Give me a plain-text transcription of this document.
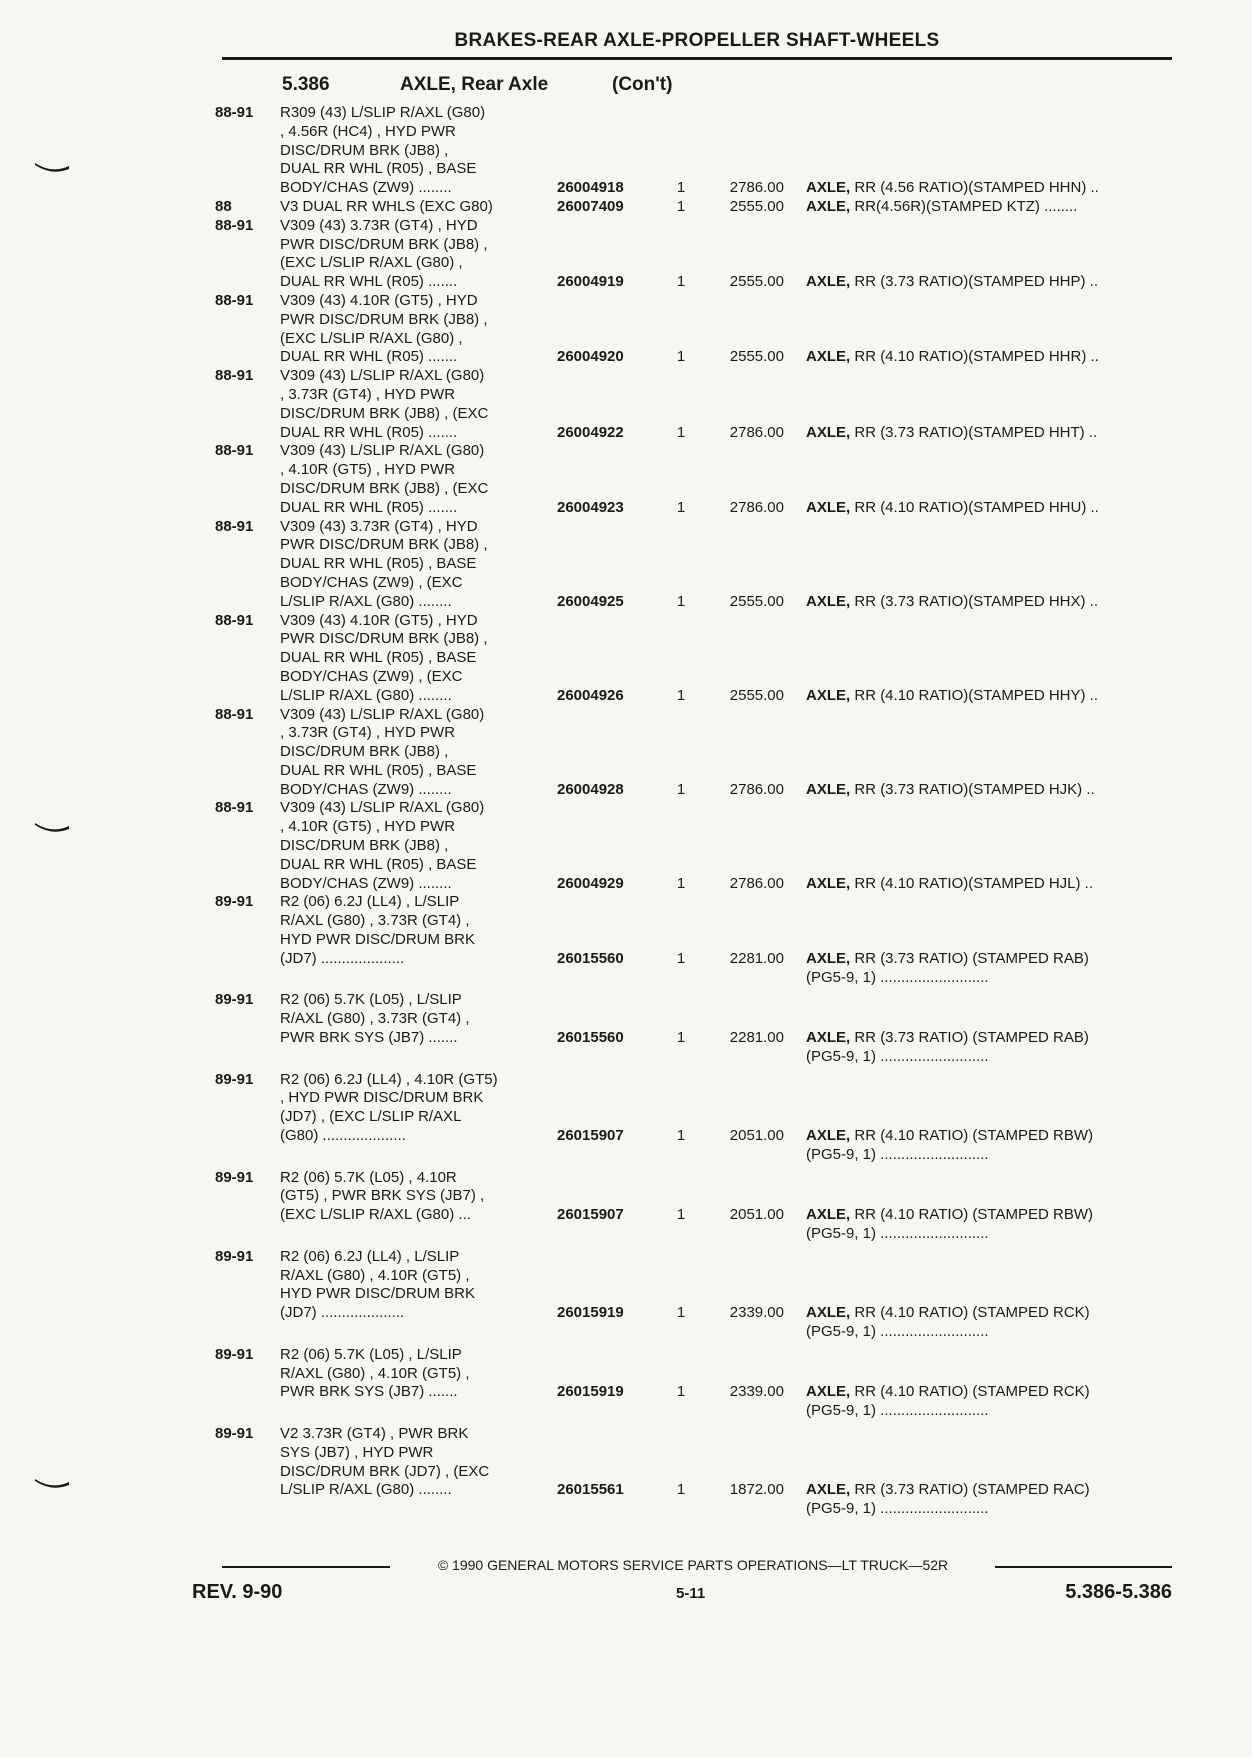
BRAKES-REAR AXLE-PROPELLER SHAFT-WHEELS
5.386	AXLE, Rear Axle	(Con't)
88-91	R309 (43) L/SLIP R/AXL (G80)
, 4.56R (HC4) , HYD PWR
DISC/DRUM BRK (JB8) ,
DUAL RR WHL (R05) , BASE
BODY/CHAS (ZW9) ........	26004918	1	2786.00 AXLE, RR (4.56 RATIO)(STAMPED HHN) ..
88	V3 DUAL RR WHLS (EXC G80)	26007409	1	2555.00 AXLE, RR(4.56R)(STAMPED KTZ) ........
88-91	V309 (43) 3.73R (GT4) , HYD
PWR DISC/DRUM BRK (JB8) ,
(EXC L/SLIP R/AXL (G80) ,
DUAL RR WHL (R05) .......	26004919	1	2555.00 AXLE, RR (3.73 RATIO)(STAMPED HHP) ..
88-91	V309 (43) 4.10R (GT5) , HYD
PWR DISC/DRUM BRK (JB8) ,
(EXC L/SLIP R/AXL (G80) ,
DUAL RR WHL (R05) .......	26004920	1	2555.00 AXLE, RR (4.10 RATIO)(STAMPED HHR) ..
88-91	V309 (43) L/SLIP R/AXL (G80)
, 3.73R (GT4) , HYD PWR
DISC/DRUM BRK (JB8) , (EXC
DUAL RR WHL (R05) .......	26004922	1	2786.00 AXLE, RR (3.73 RATIO)(STAMPED HHT) ..
88-91	V309 (43) L/SLIP R/AXL (G80)
, 4.10R (GT5) , HYD PWR
DISC/DRUM BRK (JB8) , (EXC
DUAL RR WHL (R05) .......	26004923	1	2786.00 AXLE, RR (4.10 RATIO)(STAMPED HHU) ..
88-91	V309 (43) 3.73R (GT4) , HYD
PWR DISC/DRUM BRK (JB8) ,
DUAL RR WHL (R05) , BASE
BODY/CHAS (ZW9) , (EXC
L/SLIP R/AXL (G80) ........	26004925	1	2555.00 AXLE, RR (3.73 RATIO)(STAMPED HHX) ..
88-91	V309 (43) 4.10R (GT5) , HYD
PWR DISC/DRUM BRK (JB8) ,
DUAL RR WHL (R05) , BASE
BODY/CHAS (ZW9) , (EXC
L/SLIP R/AXL (G80) ........	26004926	1	2555.00 AXLE, RR (4.10 RATIO)(STAMPED HHY) ..
88-91	V309 (43) L/SLIP R/AXL (G80)
, 3.73R (GT4) , HYD PWR
DISC/DRUM BRK (JB8) ,
DUAL RR WHL (R05) , BASE
BODY/CHAS (ZW9) ........	26004928	1	2786.00 AXLE, RR (3.73 RATIO)(STAMPED HJK) ..
88-91	V309 (43) L/SLIP R/AXL (G80)
, 4.10R (GT5) , HYD PWR
DISC/DRUM BRK (JB8) ,
DUAL RR WHL (R05) , BASE
BODY/CHAS (ZW9) ........	26004929	1	2786.00 AXLE, RR (4.10 RATIO)(STAMPED HJL) ..
89-91	R2 (06) 6.2J (LL4) , L/SLIP
R/AXL (G80) , 3.73R (GT4) ,
HYD PWR DISC/DRUM BRK
(JD7) ....................	26015560	1	2281.00 AXLE, RR (3.73 RATIO) (STAMPED RAB)
(PG5-9, 1) ..........................
89-91	R2 (06) 5.7K (L05) , L/SLIP
R/AXL (G80) , 3.73R (GT4) ,
PWR BRK SYS (JB7) .......	26015560	1	2281.00 AXLE, RR (3.73 RATIO) (STAMPED RAB)
(PG5-9, 1) ..........................
89-91	R2 (06) 6.2J (LL4) , 4.10R (GT5)
, HYD PWR DISC/DRUM BRK
(JD7) , (EXC L/SLIP R/AXL
(G80) ....................	26015907	1	2051.00 AXLE, RR (4.10 RATIO) (STAMPED RBW)
(PG5-9, 1) ..........................
89-91	R2 (06) 5.7K (L05) , 4.10R
(GT5) , PWR BRK SYS (JB7) ,
(EXC L/SLIP R/AXL (G80) ...	26015907	1	2051.00 AXLE, RR (4.10 RATIO) (STAMPED RBW)
(PG5-9, 1) ..........................
89-91	R2 (06) 6.2J (LL4) , L/SLIP
R/AXL (G80) , 4.10R (GT5) ,
HYD PWR DISC/DRUM BRK
(JD7) ....................	26015919	1	2339.00 AXLE, RR (4.10 RATIO) (STAMPED RCK)
(PG5-9, 1) ..........................
89-91	R2 (06) 5.7K (L05) , L/SLIP
R/AXL (G80) , 4.10R (GT5) ,
PWR BRK SYS (JB7) .......	26015919	1	2339.00 AXLE, RR (4.10 RATIO) (STAMPED RCK)
(PG5-9, 1) ..........................
89-91	V2 3.73R (GT4) , PWR BRK
SYS (JB7) , HYD PWR
DISC/DRUM BRK (JD7) , (EXC
L/SLIP R/AXL (G80) ........	26015561	1	1872.00 AXLE, RR (3.73 RATIO) (STAMPED RAC)
(PG5-9, 1) ..........................
© 1990 GENERAL MOTORS SERVICE PARTS OPERATIONS—LT TRUCK—52R
REV. 9-90	5-11	5.386-5.386
